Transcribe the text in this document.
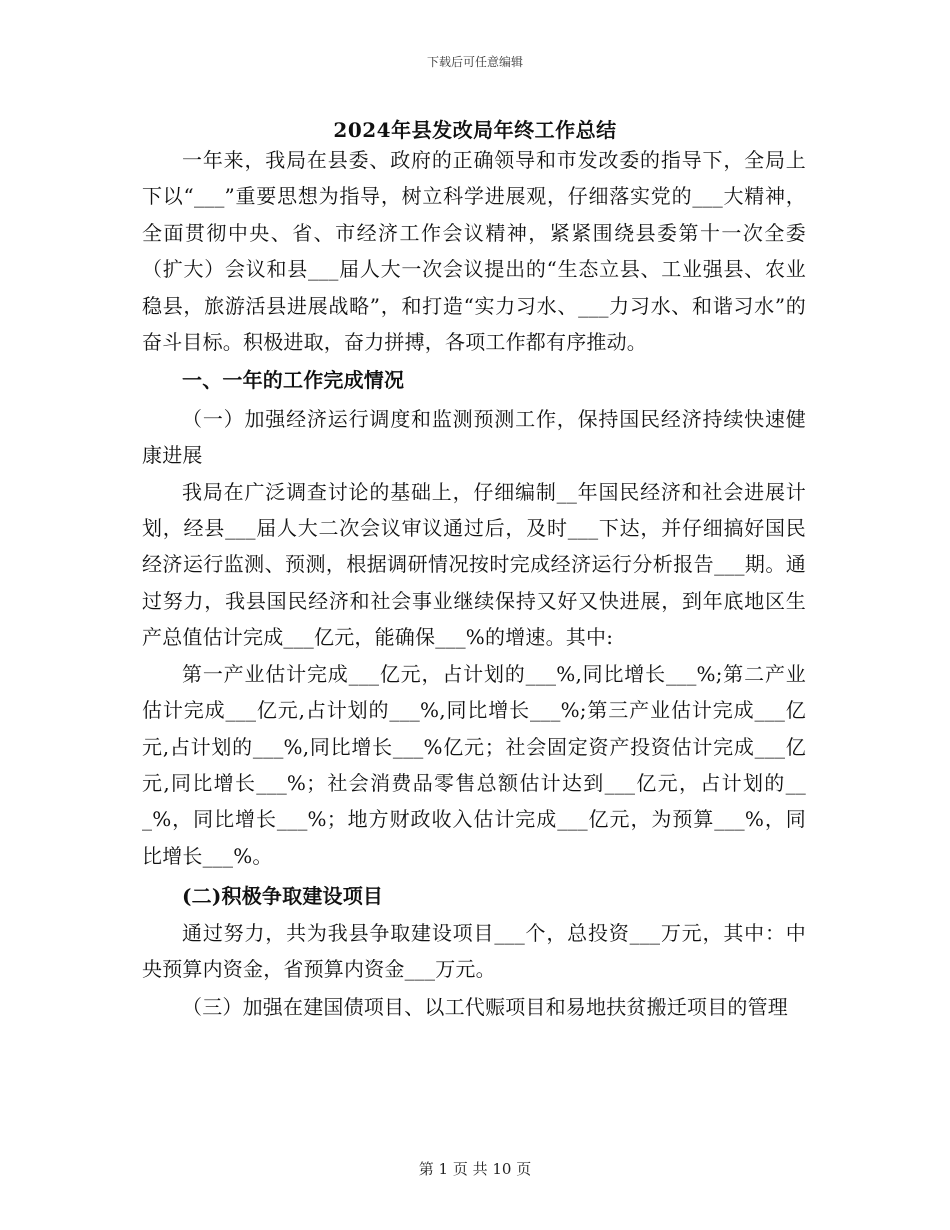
下载后可任意编辑
2024年县发改局年终工作总结

一年来，我局在县委、政府的正确领导和市发改委的指导下，全局上下以“___”重要思想为指导，树立科学进展观，仔细落实党的___大精神，全面贯彻中央、省、市经济工作会议精神，紧紧围绕县委第十一次全委（扩大）会议和县___届人大一次会议提出的“生态立县、工业强县、农业稳县，旅游活县进展战略”，和打造“实力习水、___力习水、和谐习水”的奋斗目标。积极进取，奋力拼搏，各项工作都有序推动。

一、一年的工作完成情况

（一）加强经济运行调度和监测预测工作，保持国民经济持续快速健康进展

我局在广泛调查讨论的基础上，仔细编制__年国民经济和社会进展计划，经县___届人大二次会议审议通过后，及时___下达，并仔细搞好国民经济运行监测、预测，根据调研情况按时完成经济运行分析报告___期。通过努力，我县国民经济和社会事业继续保持又好又快进展，到年底地区生产总值估计完成___亿元，能确保___%的增速。其中:

第一产业估计完成___亿元，占计划的___%,同比增长___%;第二产业估计完成___亿元,占计划的___%,同比增长___%;第三产业估计完成___亿元,占计划的___%,同比增长___%亿元；社会固定资产投资估计完成___亿元,同比增长___%；社会消费品零售总额估计达到___亿元，占计划的___%，同比增长___%；地方财政收入估计完成___亿元，为预算___%，同比增长___%。

(二)积极争取建设项目

通过努力，共为我县争取建设项目___个，总投资___万元，其中：中央预算内资金，省预算内资金___万元。

（三）加强在建国债项目、以工代赈项目和易地扶贫搬迁项目的管理

第 1 页 共 10 页
